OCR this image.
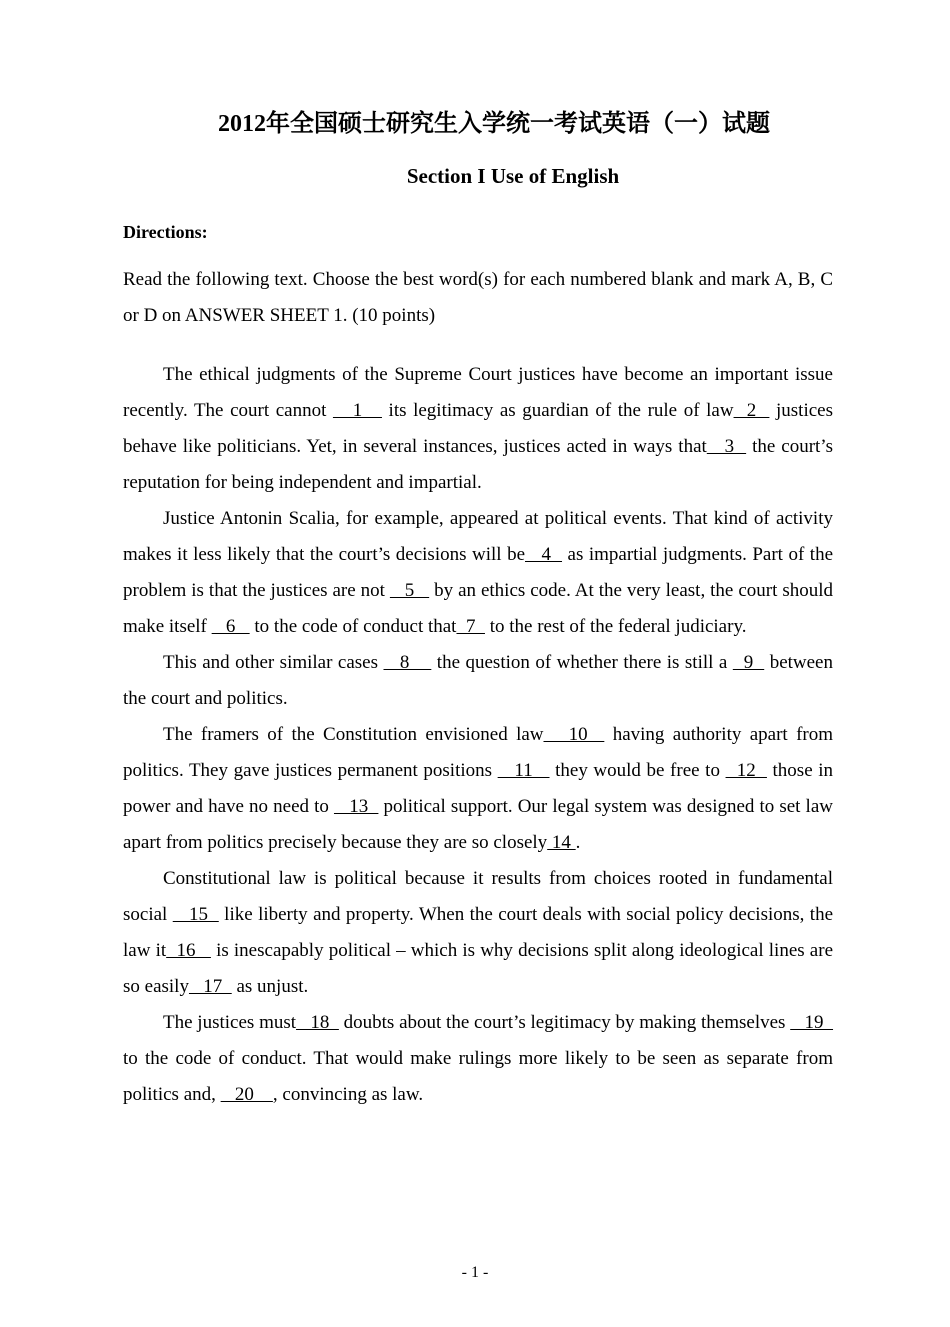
2012年全国硕士研究生入学统一考试英语（一）试题
Section I Use of English

Directions:

Read the following text. Choose the best word(s) for each numbered blank and mark A, B, C or D on ANSWER SHEET 1. (10 points)

The ethical judgments of the Supreme Court justices have become an important issue recently. The court cannot    1    its legitimacy as guardian of the rule of law  2   justices behave like politicians. Yet, in several instances, justices acted in ways that   3   the court’s reputation for being independent and impartial.

Justice Antonin Scalia, for example, appeared at political events. That kind of activity makes it less likely that the court’s decisions will be   4   as impartial judgments. Part of the problem is that the justices are not    5    by an ethics code. At the very least, the court should make itself    6    to the code of conduct that  7   to the rest of the federal judiciary.

This and other similar cases    8     the question of whether there is still a   9   between the court and politics.

The framers of the Constitution envisioned law   10   having authority apart from politics. They gave justices permanent positions    11    they would be free to   12   those in power and have no need to    13   political support. Our legal system was designed to set law apart from politics precisely because they are so closely 14 .

Constitutional law is political because it results from choices rooted in fundamental social    15   like liberty and property. When the court deals with social policy decisions, the law it  16    is inescapably political – which is why decisions split along ideological lines are so easily   17   as unjust.

The justices must   18   doubts about the court’s legitimacy by making themselves    19   to the code of conduct. That would make rulings more likely to be seen as separate from politics and,    20    , convincing as law.

- 1 -
